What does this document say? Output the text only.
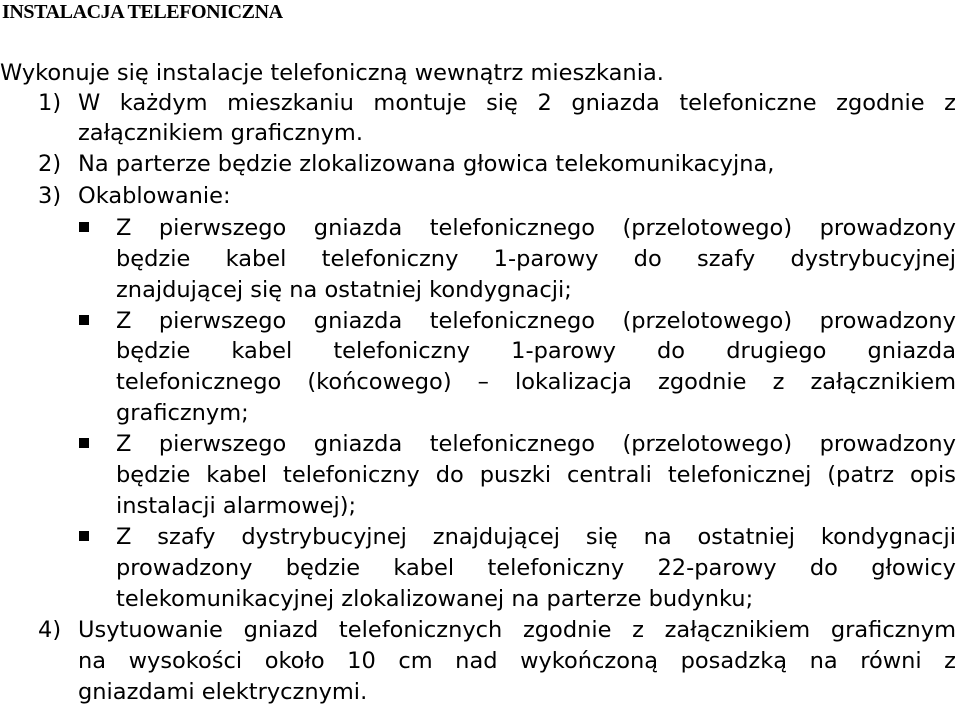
INSTALACJA TELEFONICZNA
Wykonuje się instalacje telefoniczną wewnątrz mieszkania.
1) W każdym mieszkaniu montuje się 2 gniazda telefoniczne zgodnie z
załącznikiem graficznym.
2) Na parterze będzie zlokalizowana głowica telekomunikacyjna,
3) Okablowanie:
Z pierwszego gniazda telefonicznego (przelotowego) prowadzony
będzie kabel telefoniczny 1-parowy do szafy dystrybucyjnej
znajdującej się na ostatniej kondygnacji;
Z pierwszego gniazda telefonicznego (przelotowego) prowadzony
będzie kabel telefoniczny 1-parowy do drugiego gniazda
telefonicznego (końcowego) – lokalizacja zgodnie z załącznikiem
graficznym;
Z pierwszego gniazda telefonicznego (przelotowego) prowadzony
będzie kabel telefoniczny do puszki centrali telefonicznej (patrz opis
instalacji alarmowej);
Z szafy dystrybucyjnej znajdującej się na ostatniej kondygnacji
prowadzony będzie kabel telefoniczny 22-parowy do głowicy
telekomunikacyjnej zlokalizowanej na parterze budynku;
4) Usytuowanie gniazd telefonicznych zgodnie z załącznikiem graficznym
na wysokości około 10 cm nad wykończoną posadzką na równi z
gniazdami elektrycznymi.
